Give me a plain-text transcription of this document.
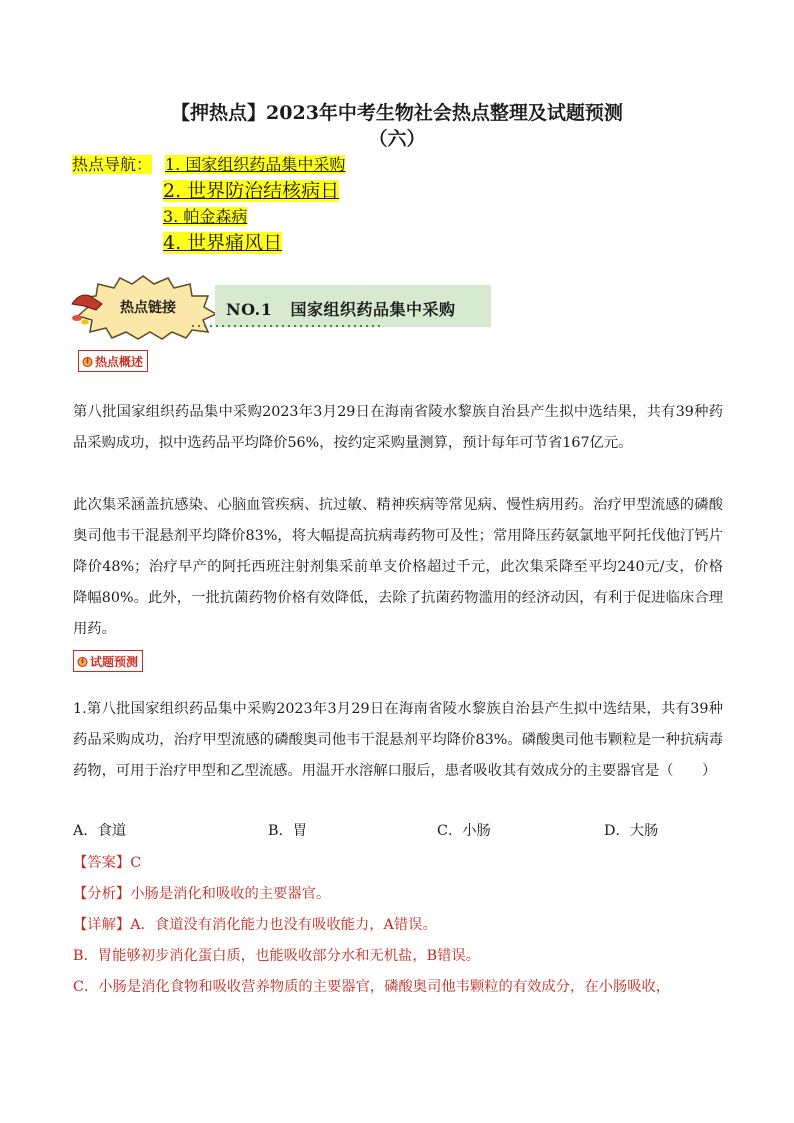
【押热点】2023年中考生物社会热点整理及试题预测
（六）
热点导航： 1. 国家组织药品集中采购
2. 世界防治结核病日
3. 帕金森病
4. 世界痛风日
热点链接	NO.1   国家组织药品集中采购
热点概述
第八批国家组织药品集中采购2023年3月29日在海南省陵水黎族自治县产生拟中选结果，共有39种药品采购成功，拟中选药品平均降价56%，按约定采购量测算，预计每年可节省167亿元。
此次集采涵盖抗感染、心脑血管疾病、抗过敏、精神疾病等常见病、慢性病用药。治疗甲型流感的磷酸奥司他韦干混悬剂平均降价83%，将大幅提高抗病毒药物可及性；常用降压药氨氯地平阿托伐他汀钙片降价48%；治疗早产的阿托西班注射剂集采前单支价格超过千元，此次集采降至平均240元/支，价格降幅80%。此外，一批抗菌药物价格有效降低，去除了抗菌药物滥用的经济动因，有利于促进临床合理用药。
试题预测
1.第八批国家组织药品集中采购2023年3月29日在海南省陵水黎族自治县产生拟中选结果，共有39种药品采购成功，治疗甲型流感的磷酸奥司他韦干混悬剂平均降价83%。磷酸奥司他韦颗粒是一种抗病毒药物，可用于治疗甲型和乙型流感。用温开水溶解口服后，患者吸收其有效成分的主要器官是（　　）
A．食道	B．胃	C．小肠	D．大肠
【答案】C
【分析】小肠是消化和吸收的主要器官。
【详解】A．食道没有消化能力也没有吸收能力，A错误。
B．胃能够初步消化蛋白质，也能吸收部分水和无机盐，B错误。
C．小肠是消化食物和吸收营养物质的主要器官，磷酸奥司他韦颗粒的有效成分，在小肠吸收，
